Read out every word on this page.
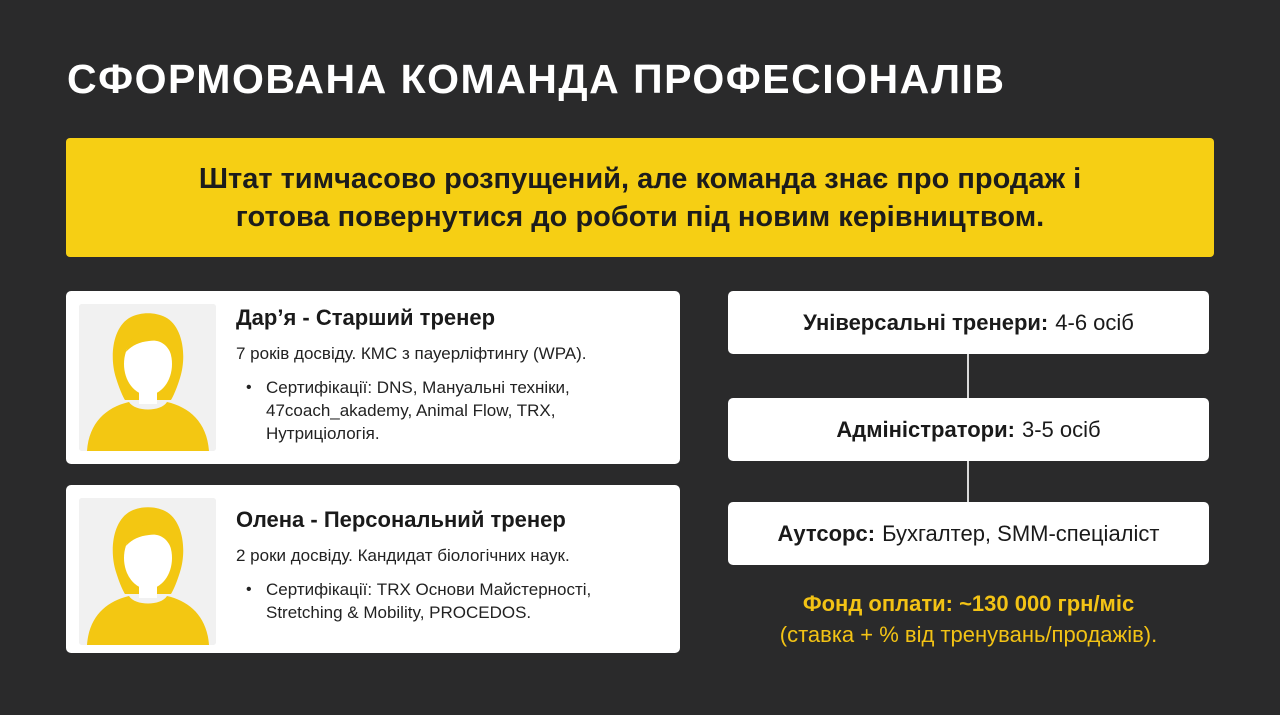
СФОРМОВАНА КОМАНДА ПРОФЕСІОНАЛІВ
Штат тимчасово розпущений, але команда знає про продаж і
готова повернутися до роботи під новим керівництвом.
Дар’я - Старший тренер
7 років досвіду. КМС з пауерліфтингу (WPA).
• Сертифікації: DNS, Мануальні техніки, 47coach_akademy, Animal Flow, TRX, Нутриціологія.
Олена - Персональний тренер
2 роки досвіду. Кандидат біологічних наук.
• Сертифікації: TRX Основи Майстерності, Stretching & Mobility, PROCEDOS.
Універсальні тренери: 4-6 осіб
Адміністратори: 3-5 осіб
Аутсорс: Бухгалтер, SMM-спеціаліст
Фонд оплати: ~130 000 грн/міс
(ставка + % від тренувань/продажів).
